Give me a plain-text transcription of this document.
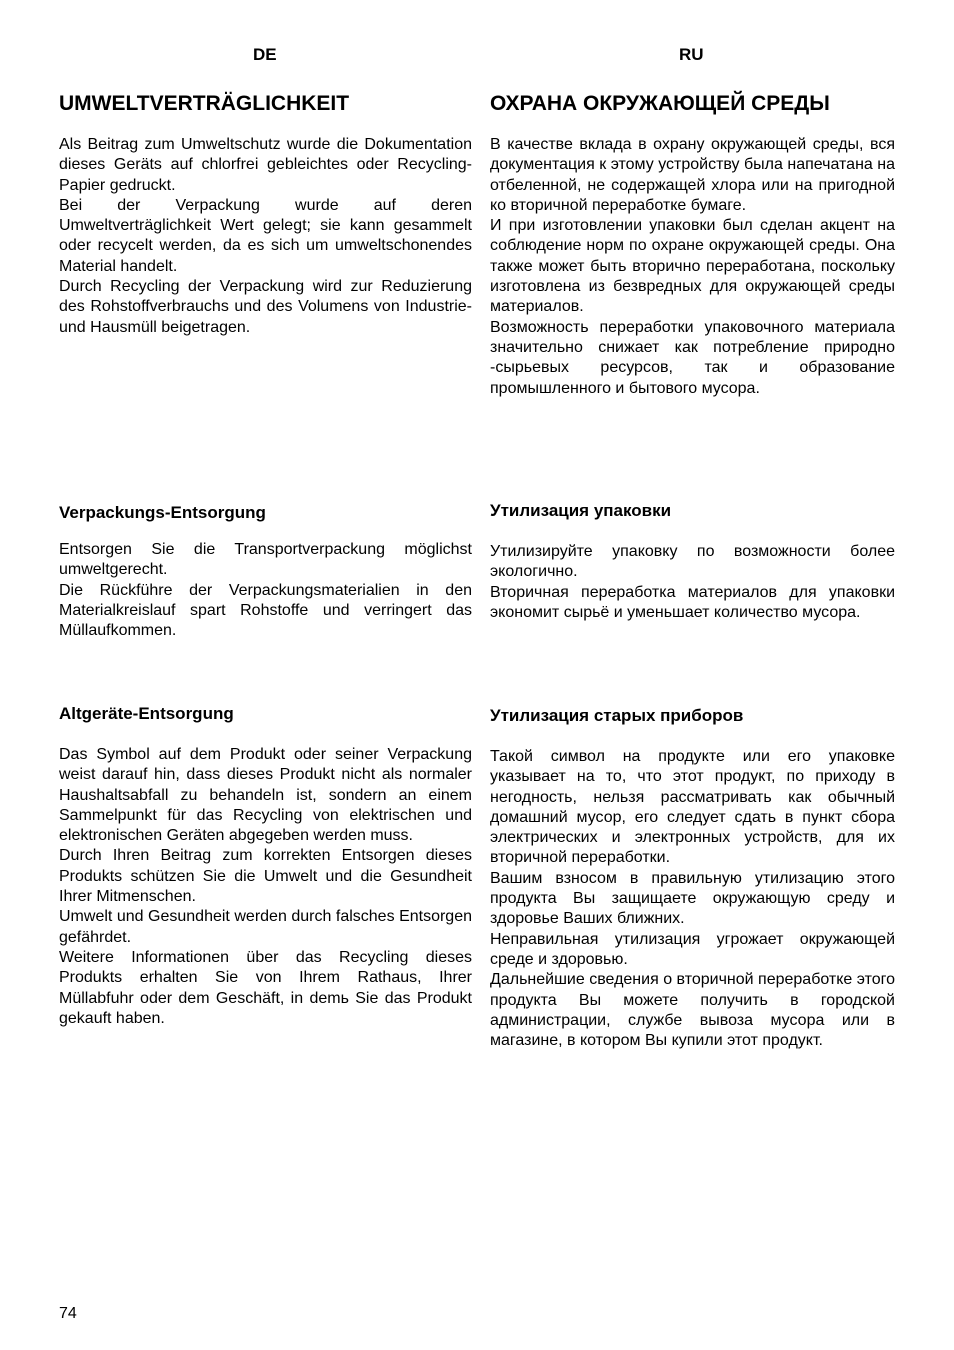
DE	RU
UMWELTVERTRÄGLICHKEIT	ОХРАНА ОКРУЖАЮЩЕЙ СРЕДЫ

Als Beitrag zum Umweltschutz wurde die Dokumentation dieses Geräts auf chlorfrei gebleichtes oder Recycling-Papier gedruckt.

Bei der Verpackung wurde auf deren Umweltverträglichkeit Wert gelegt; sie kann gesammelt oder recycelt werden, da es sich um umweltschonendes Material handelt.

Durch Recycling der Verpackung wird zur Reduzierung des Rohstoffverbrauchs und des Volumens von Industrie- und Hausmüll beigetragen.

В качестве вклада в охрану окружающей среды, вся документация к этому устройству была напечатана на отбеленной, не содержащей хлора или на пригодной ко вторичной переработке бумаге.

И при изготовлении упаковки был сделан акцент на соблюдение норм по охране окружающей среды. Она также может быть вторично переработана, поскольку изготовлена из безвредных для окружающей среды материалов.

Возможность переработки упаковочного материала значительно снижает как потребление природно -сырьевых ресурсов, так и образование промышленного и бытового мусора.

Verpackungs-Entsorgung	Утилизация упаковки

Entsorgen Sie die Transportverpackung möglichst umweltgerecht.

Die Rückführe der Verpackungsmaterialien in den Materialkreislauf spart Rohstoffe und verringert das Müllaufkommen.

Утилизируйте упаковку по возможности более экологично.

Вторичная переработка материалов для упаковки экономит сырьё и уменьшает количество мусора.

Altgeräte-Entsorgung	Утилизация старых приборов

Das Symbol auf dem Produkt oder seiner Verpackung weist darauf hin, dass dieses Produkt nicht als normaler Haushaltsabfall zu behandeln ist, sondern an einem Sammelpunkt für das Recycling von elektrischen und elektronischen Geräten abgegeben werden muss.

Durch Ihren Beitrag zum korrekten Entsorgen dieses Produkts schützen Sie die Umwelt und die Gesundheit Ihrer Mitmenschen.

Umwelt und Gesundheit werden durch falsches Entsorgen gefährdet.

Weitere Informationen über das Recycling dieses Produkts erhalten Sie von Ihrem Rathaus, Ihrer Müllabfuhr oder dem Geschäft, in demь Sie das Produkt gekauft haben.

Такой символ на продукте или его упаковке указывает на то, что этот продукт, по приходу в негодность, нельзя рассматривать как обычный домашний мусор, его следует сдать в пункт сбора электрических и электронных устройств, для их вторичной переработки.

Вашим взносом в правильную утилизацию этого продукта Вы защищаете окружающую среду и здоровье Ваших ближних.

Неправильная утилизация угрожает окружающей среде и здоровью.

Дальнейшие сведения о вторичной переработке этого продукта Вы можете получить в городской администрации, службе вывоза мусора или в магазине, в котором Вы купили этот продукт.

74
